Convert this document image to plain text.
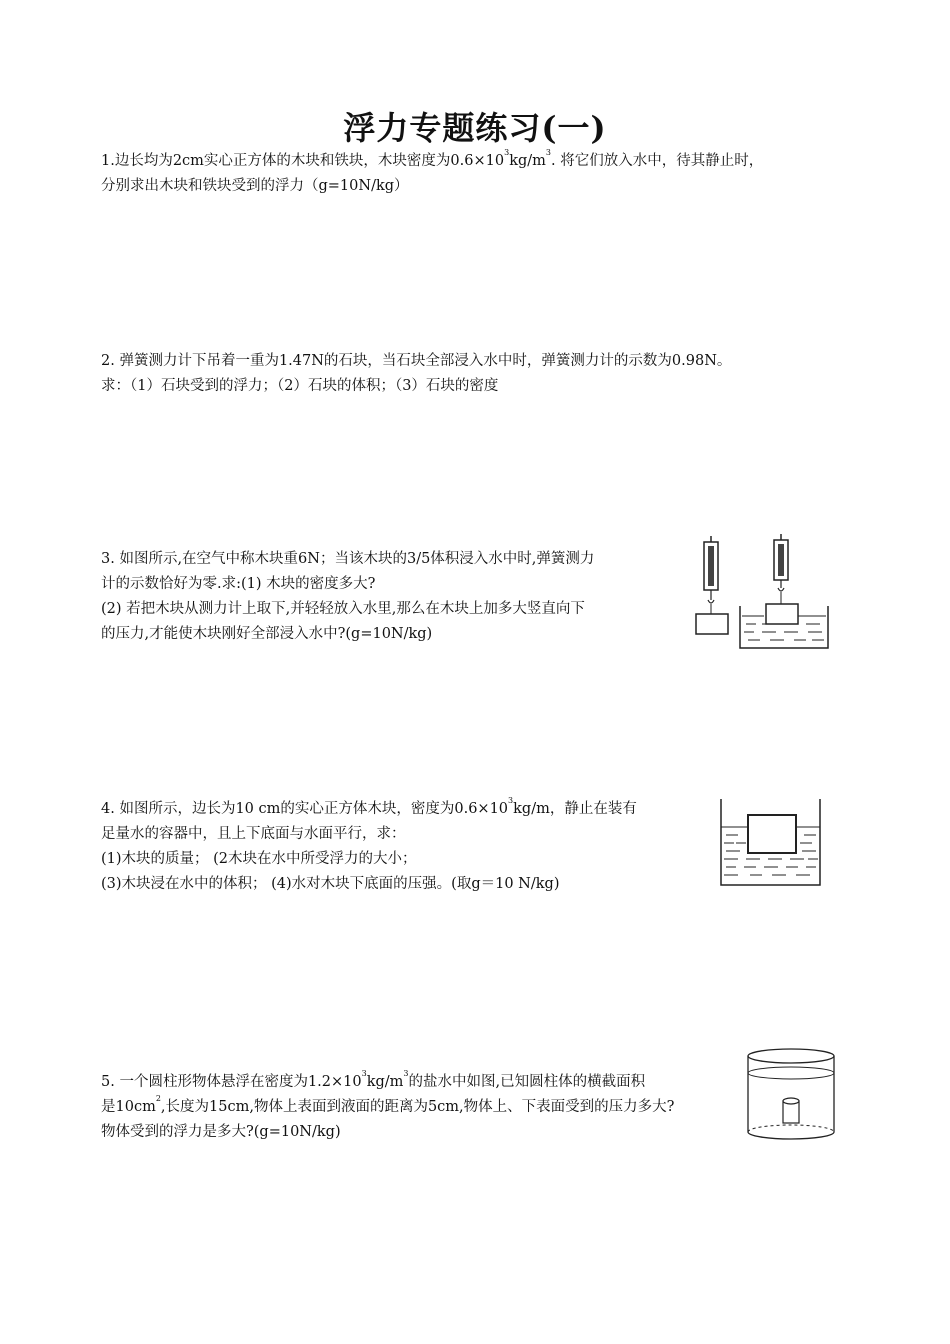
浮力专题练习(一)
1.边长均为2cm实心正方体的木块和铁块，木块密度为$0.6\times 10^3kg/m^3$. 将它们放入水中，待其静止时，
分别求出木块和铁块受到的浮力（g=10N/kg）
2. 弹簧测力计下吊着一重为1.47N的石块，当石块全部浸入水中时，弹簧测力计的示数为0.98N。
求：（1）石块受到的浮力；（2）石块的体积；（3）石块的密度
3. 如图所示,在空气中称木块重6N；当该木块的3/5体积浸入水中时,弹簧测力
计的示数恰好为零.求:(1) 木块的密度多大?
(2) 若把木块从测力计上取下,并轻轻放入水里,那么在木块上加多大竖直向下
的压力,才能使木块刚好全部浸入水中?(g=10N/kg)
4. 如图所示，边长为10 cm的实心正方体木块，密度为$0.6\times 10^3kg/m$，静止在装有
足量水的容器中，且上下底面与水面平行，求：
(1)木块的质量； (2木块在水中所受浮力的大小；
(3)木块浸在水中的体积； (4)水对木块下底面的压强。(取g＝10 N/kg)
5. 一个圆柱形物体悬浮在密度为$1.2\times 10^3kg/m^3$的盐水中如图,已知圆柱体的横截面积
是$10cm^2$,长度为15cm,物体上表面到液面的距离为5cm,物体上、下表面受到的压力多大?
物体受到的浮力是多大?(g=10N/kg)
